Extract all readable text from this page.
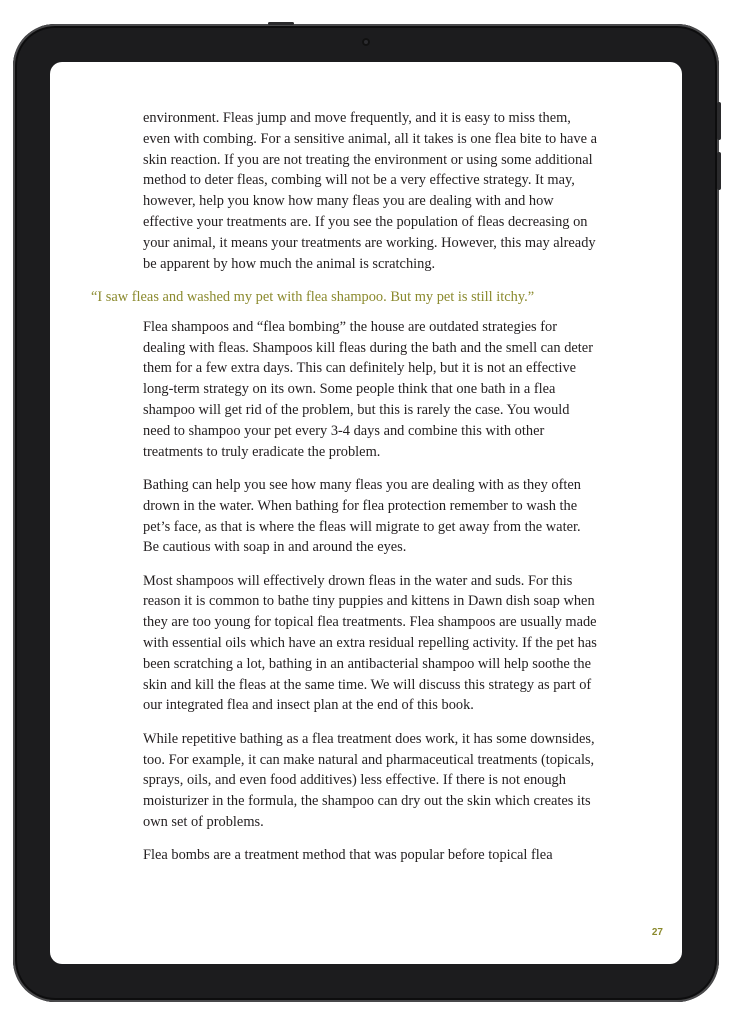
environment. Fleas jump and move frequently, and it is easy to miss them, even with combing. For a sensitive animal, all it takes is one flea bite to have a skin reaction. If you are not treating the environment or using some additional method to deter fleas, combing will not be a very effective strategy. It may, however, help you know how many fleas you are dealing with and how effective your treatments are. If you see the population of fleas decreasing on your animal, it means your treatments are working. However, this may already be apparent by how much the animal is scratching.

“I saw fleas and washed my pet with flea shampoo. But my pet is still itchy.”

Flea shampoos and “flea bombing” the house are outdated strategies for dealing with fleas. Shampoos kill fleas during the bath and the smell can deter them for a few extra days. This can definitely help, but it is not an effective long-term strategy on its own. Some people think that one bath in a flea shampoo will get rid of the problem, but this is rarely the case. You would need to shampoo your pet every 3-4 days and combine this with other treatments to truly eradicate the problem.

Bathing can help you see how many fleas you are dealing with as they often drown in the water. When bathing for flea protection remember to wash the pet’s face, as that is where the fleas will migrate to get away from the water. Be cautious with soap in and around the eyes.

Most shampoos will effectively drown fleas in the water and suds. For this reason it is common to bathe tiny puppies and kittens in Dawn dish soap when they are too young for topical flea treatments. Flea shampoos are usually made with essential oils which have an extra residual repelling activity. If the pet has been scratching a lot, bathing in an antibacterial shampoo will help soothe the skin and kill the fleas at the same time. We will discuss this strategy as part of our integrated flea and insect plan at the end of this book.

While repetitive bathing as a flea treatment does work, it has some downsides, too. For example, it can make natural and pharmaceutical treatments (topicals, sprays, oils, and even food additives) less effective. If there is not enough moisturizer in the formula, the shampoo can dry out the skin which creates its own set of problems.

Flea bombs are a treatment method that was popular before topical flea

27
